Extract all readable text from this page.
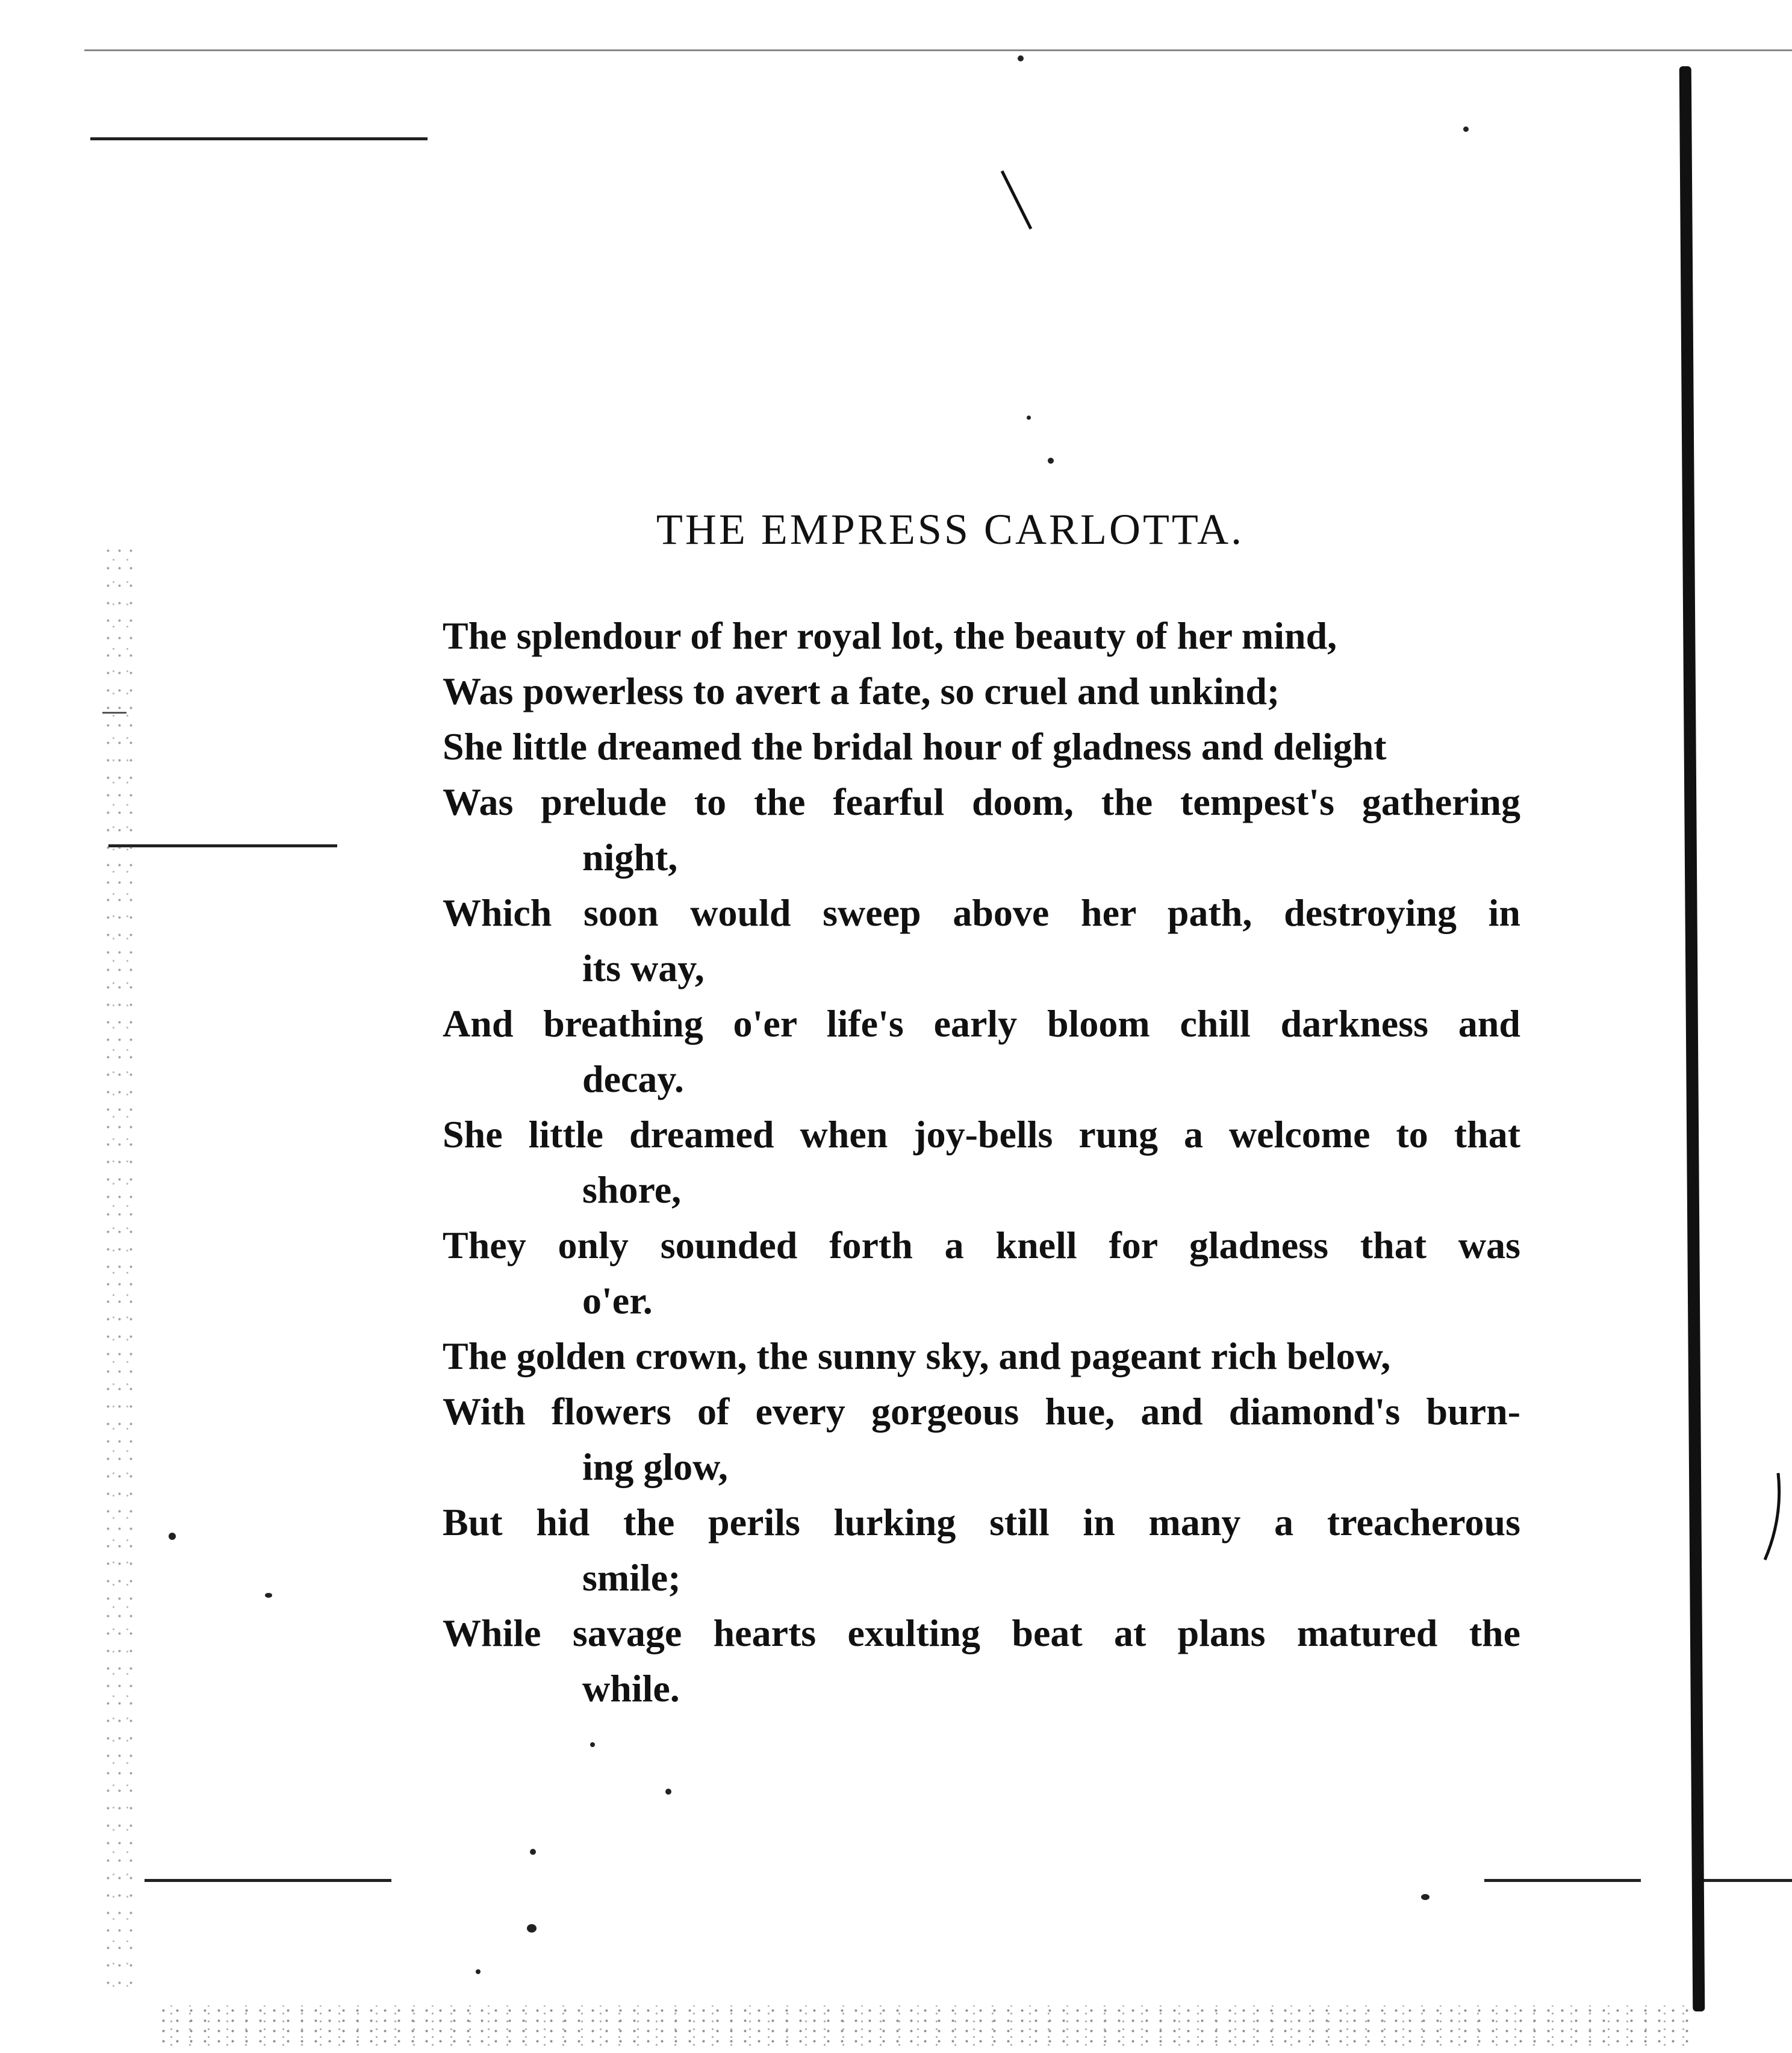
THE EMPRESS CARLOTTA.
The splendour of her royal lot, the beauty of her mind,
Was powerless to avert a fate, so cruel and unkind;
She little dreamed the bridal hour of gladness and delight
Was prelude to the fearful doom, the tempest's gathering
night,
Which soon would sweep above her path, destroying in
its way,
And breathing o'er life's early bloom chill darkness and
decay.
She little dreamed when joy-bells rung a welcome to that
shore,
They only sounded forth a knell for gladness that was
o'er.
The golden crown, the sunny sky, and pageant rich below,
With flowers of every gorgeous hue, and diamond's burn-
ing glow,
But hid the perils lurking still in many a treacherous
smile;
While savage hearts exulting beat at plans matured the
while.
